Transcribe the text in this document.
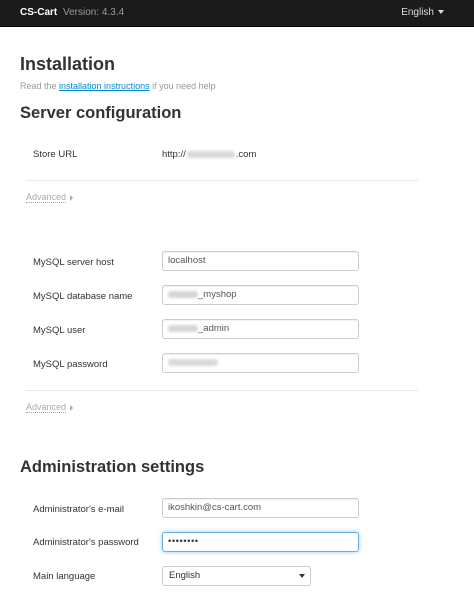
CS-Cart Version: 4.3.4	English
Installation
Read the installation instructions if you need help
Server configuration
Store URL	http://	.com
Advanced
MySQL server host	localhost
MySQL database name	_myshop
MySQL user	_admin
MySQL password
Advanced
Administration settings
Administrator's e-mail	ikoshkin@cs-cart.com
Administrator's password	••••••••
Main language	English
